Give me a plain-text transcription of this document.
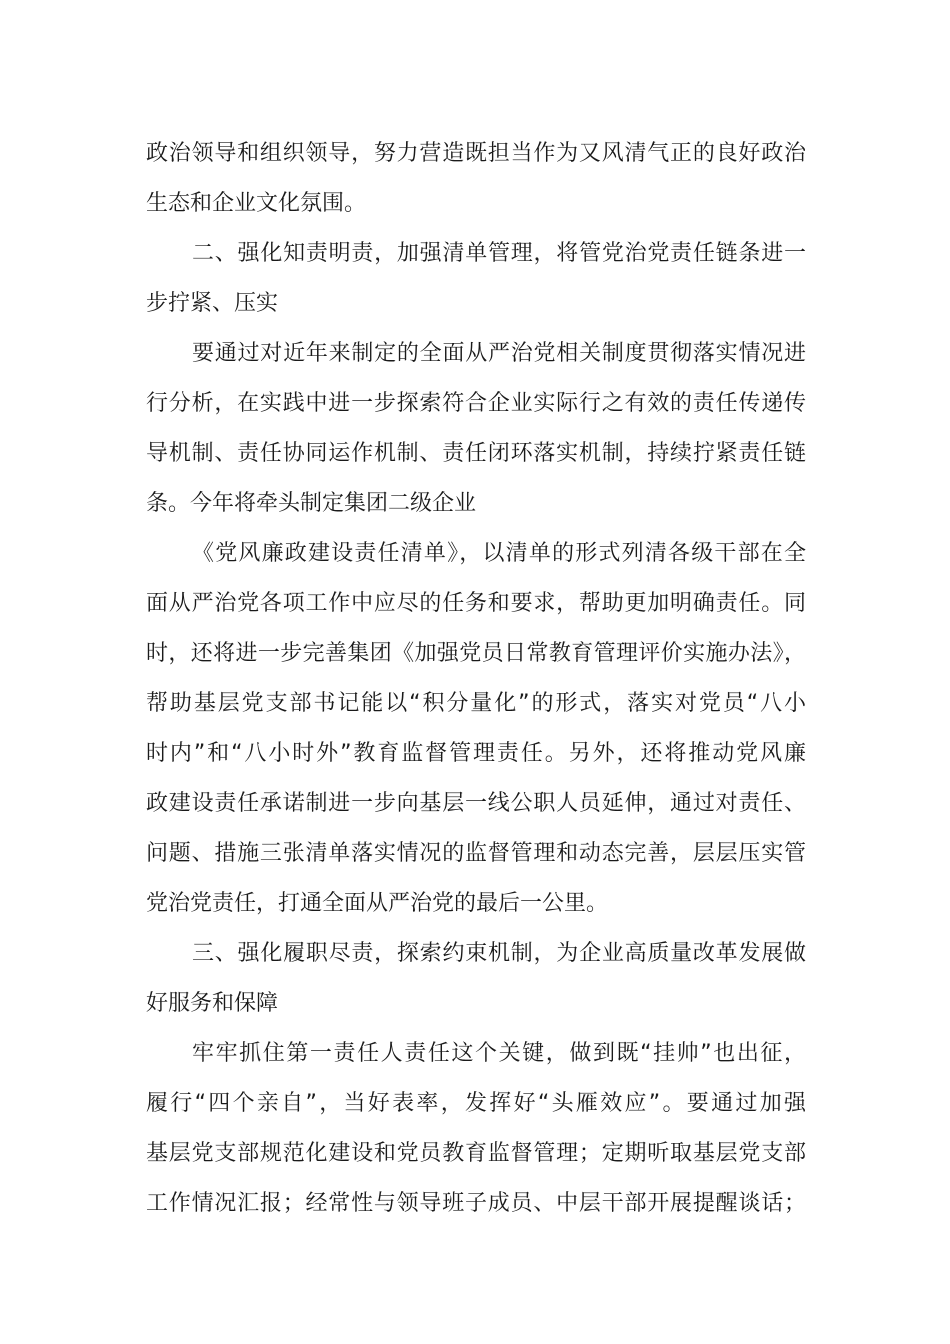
政治领导和组织领导，努力营造既担当作为又风清气正的良好政治
生态和企业文化氛围。
二、强化知责明责，加强清单管理，将管党治党责任链条进一
步拧紧、压实
要通过对近年来制定的全面从严治党相关制度贯彻落实情况进
行分析，在实践中进一步探索符合企业实际行之有效的责任传递传
导机制、责任协同运作机制、责任闭环落实机制，持续拧紧责任链
条。今年将牵头制定集团二级企业
《党风廉政建设责任清单》，以清单的形式列清各级干部在全
面从严治党各项工作中应尽的任务和要求，帮助更加明确责任。同
时，还将进一步完善集团《加强党员日常教育管理评价实施办法》，
帮助基层党支部书记能以“积分量化”的形式，落实对党员“八小
时内”和“八小时外”教育监督管理责任。另外，还将推动党风廉
政建设责任承诺制进一步向基层一线公职人员延伸，通过对责任、
问题、措施三张清单落实情况的监督管理和动态完善，层层压实管
党治党责任，打通全面从严治党的最后一公里。
三、强化履职尽责，探索约束机制，为企业高质量改革发展做
好服务和保障
牢牢抓住第一责任人责任这个关键，做到既“挂帅”也出征，
履行“四个亲自”，当好表率，发挥好“头雁效应”。要通过加强
基层党支部规范化建设和党员教育监督管理；定期听取基层党支部
工作情况汇报；经常性与领导班子成员、中层干部开展提醒谈话；
